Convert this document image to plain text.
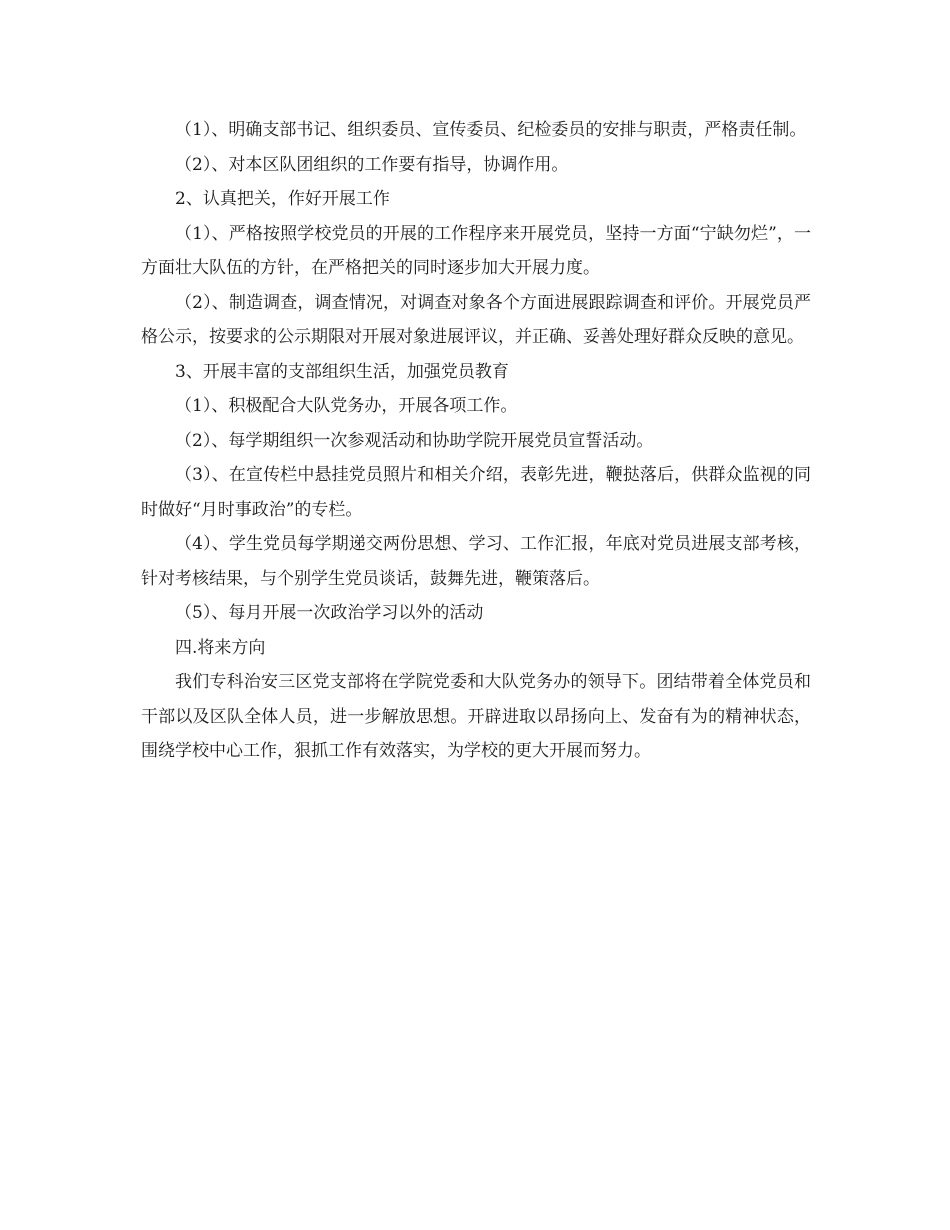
（1）、明确支部书记、组织委员、宣传委员、纪检委员的安排与职责，严格责任制。

（2）、对本区队团组织的工作要有指导，协调作用。

2、认真把关，作好开展工作

（1）、严格按照学校党员的开展的工作程序来开展党员，坚持一方面“宁缺勿烂”，一方面壮大队伍的方针，在严格把关的同时逐步加大开展力度。

（2）、制造调查，调查情况，对调查对象各个方面进展跟踪调查和评价。开展党员严格公示，按要求的公示期限对开展对象进展评议，并正确、妥善处理好群众反映的意见。

3、开展丰富的支部组织生活，加强党员教育

（1）、积极配合大队党务办，开展各项工作。

（2）、每学期组织一次参观活动和协助学院开展党员宣誓活动。

（3）、在宣传栏中悬挂党员照片和相关介绍，表彰先进，鞭挞落后，供群众监视的同时做好“月时事政治”的专栏。

（4）、学生党员每学期递交两份思想、学习、工作汇报，年底对党员进展支部考核，针对考核结果，与个别学生党员谈话，鼓舞先进，鞭策落后。

（5）、每月开展一次政治学习以外的活动

四.将来方向

我们专科治安三区党支部将在学院党委和大队党务办的领导下。团结带着全体党员和干部以及区队全体人员，进一步解放思想。开辟进取以昂扬向上、发奋有为的精神状态，围绕学校中心工作，狠抓工作有效落实，为学校的更大开展而努力。
